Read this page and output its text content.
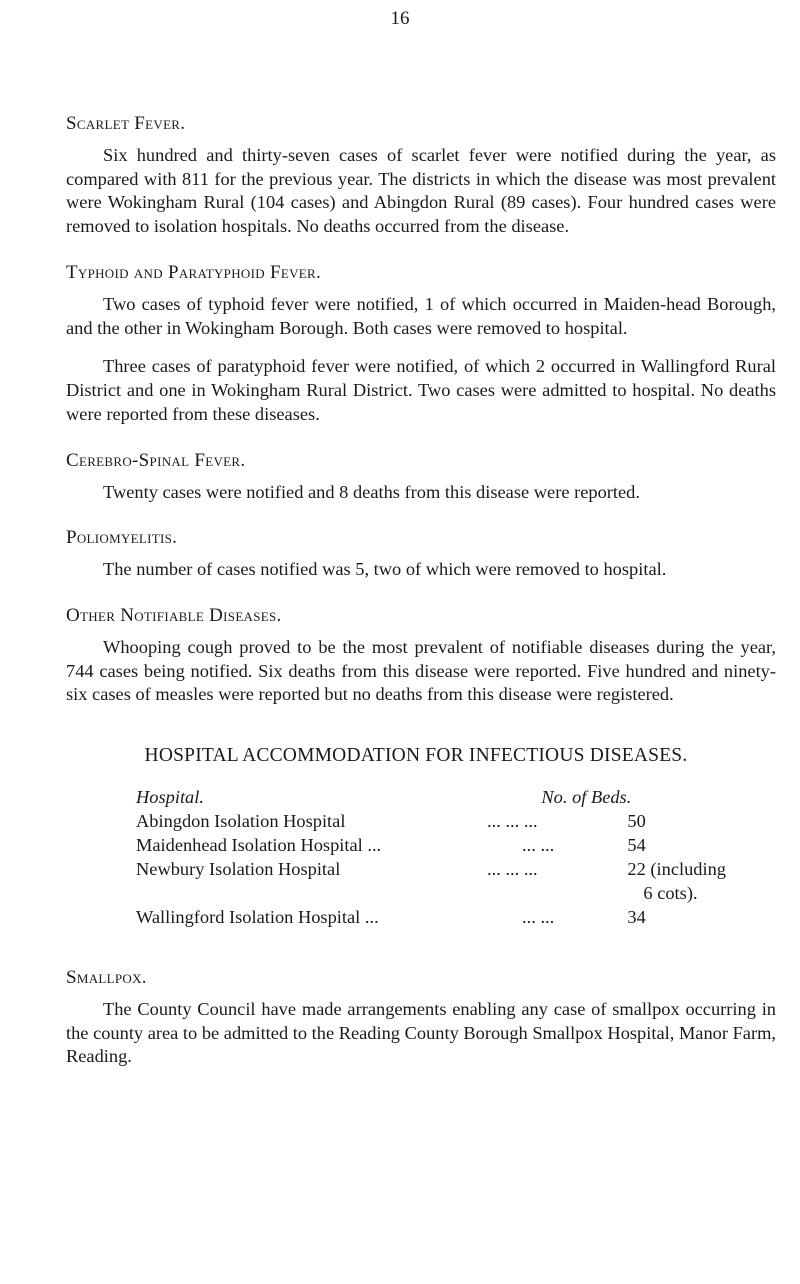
16
Scarlet Fever.

Six hundred and thirty-seven cases of scarlet fever were notified during the year, as compared with 811 for the previous year. The districts in which the disease was most prevalent were Wokingham Rural (104 cases) and Abingdon Rural (89 cases). Four hundred cases were removed to isolation hospitals. No deaths occurred from the disease.

Typhoid and Paratyphoid Fever.

Two cases of typhoid fever were notified, 1 of which occurred in Maiden-head Borough, and the other in Wokingham Borough. Both cases were removed to hospital.

Three cases of paratyphoid fever were notified, of which 2 occurred in Wallingford Rural District and one in Wokingham Rural District. Two cases were admitted to hospital. No deaths were reported from these diseases.

Cerebro-Spinal Fever.

Twenty cases were notified and 8 deaths from this disease were reported.

Poliomyelitis.

The number of cases notified was 5, two of which were removed to hospital.

Other Notifiable Diseases.

Whooping cough proved to be the most prevalent of notifiable diseases during the year, 744 cases being notified. Six deaths from this disease were reported. Five hundred and ninety-six cases of measles were reported but no deaths from this disease were registered.

HOSPITAL ACCOMMODATION FOR INFECTIOUS DISEASES.
Hospital.		No. of Beds.
Abingdon Isolation Hospital	... ... ...	50
Maidenhead Isolation Hospital ...	... ...	54
Newbury Isolation Hospital	... ... ...	22 (including
6 cots).

Wallingford Isolation Hospital ...	... ...	34
Smallpox.

The County Council have made arrangements enabling any case of smallpox occurring in the county area to be admitted to the Reading County Borough Smallpox Hospital, Manor Farm, Reading.
